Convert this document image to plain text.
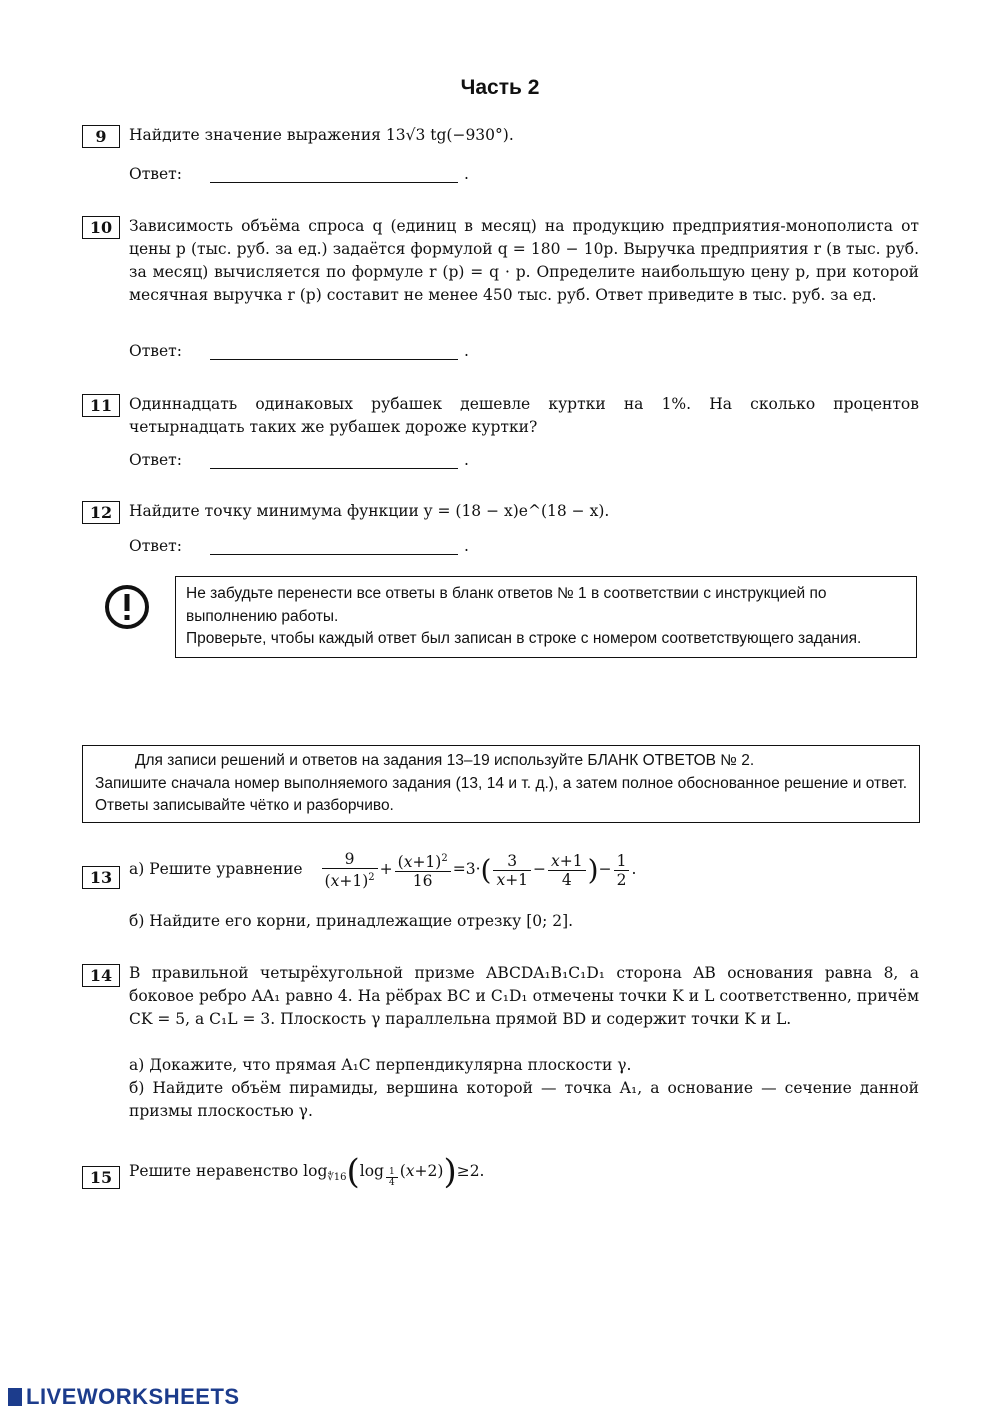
Часть 2
9	Найдите значение выражения 13√3 tg(−930°).
Ответ:	.
10	Зависимость объёма спроса q (единиц в месяц) на продукцию предприятия-монополиста от цены p (тыс. руб. за ед.) задаётся формулой q = 180 − 10p. Выручка предприятия r (в тыс. руб. за месяц) вычисляется по формуле r (p) = q · p. Определите наибольшую цену p, при которой месячная выручка r (p) составит не менее 450 тыс. руб. Ответ приведите в тыс. руб. за ед.
Ответ:	.
11	Одиннадцать одинаковых рубашек дешевле куртки на 1%. На сколько процентов четырнадцать таких же рубашек дороже куртки?
Ответ:	.
12	Найдите точку минимума функции y = (18 − x)e^(18 − x).
Ответ:	.
Не забудьте перенести все ответы в бланк ответов № 1 в соответствии с инструкцией по выполнению работы.
Проверьте, чтобы каждый ответ был записан в строке с номером соответствующего задания.
Для записи решений и ответов на задания 13–19 используйте БЛАНК ОТВЕТОВ № 2.
Запишите сначала номер выполняемого задания (13, 14 и т. д.), а затем полное обоснованное решение и ответ. Ответы записывайте чётко и разборчиво.
13	а) Решите уравнение $\frac{9}{(x+1)^2} + \frac{(x+1)^2}{16} =3\cdot( \frac{3}{x+1} - \frac{x+1}{4}$ )− $\frac{1}{2}$ .
б) Найдите его корни, принадлежащие отрезку [0; 2].
14	В правильной четырёхугольной призме ABCDA₁B₁C₁D₁ сторона AB основания равна 8, а боковое ребро AA₁ равно 4. На рёбрах BC и C₁D₁ отмечены точки K и L соответственно, причём CK = 5, а C₁L = 3. Плоскость γ параллельна прямой BD и содержит точки K и L.
а) Докажите, что прямая A₁C перпендикулярна плоскости γ.
б) Найдите объём пирамиды, вершина которой — точка A₁, а основание — сечение данной призмы плоскостью γ.
15	Решите неравенство $\log_{∜16}(\log$ $_{\frac{1}{4}}$ (x+2))≥2.
LIVEWORKSHEETS
